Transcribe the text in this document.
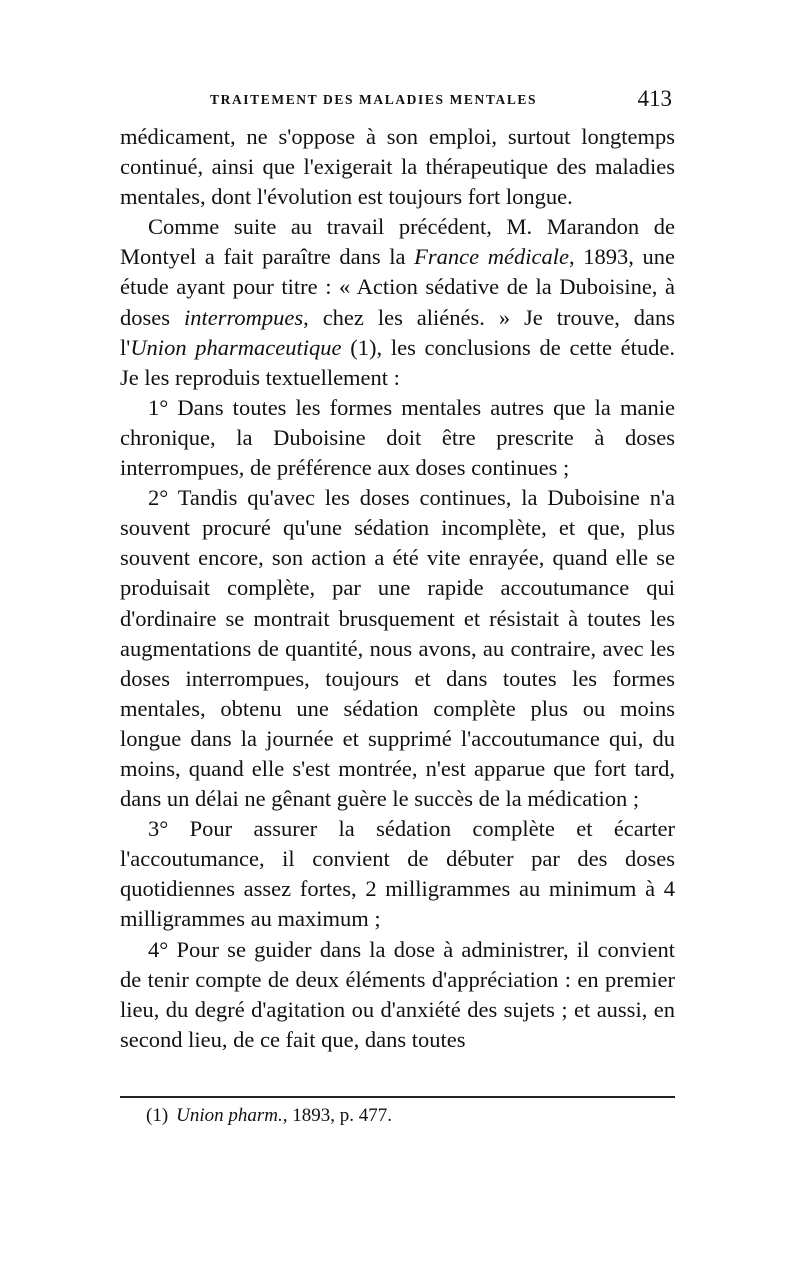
TRAITEMENT DES MALADIES MENTALES	413

médicament, ne s'oppose à son emploi, surtout longtemps continué, ainsi que l'exigerait la thérapeutique des maladies mentales, dont l'évolution est toujours fort longue.

Comme suite au travail précédent, M. Marandon de Montyel a fait paraître dans la France médicale, 1893, une étude ayant pour titre : « Action sédative de la Duboisine, à doses interrompues, chez les aliénés. » Je trouve, dans l'Union pharmaceutique (1), les conclusions de cette étude. Je les reproduis textuellement :

1° Dans toutes les formes mentales autres que la manie chronique, la Duboisine doit être prescrite à doses interrompues, de préférence aux doses continues ;

2° Tandis qu'avec les doses continues, la Duboisine n'a souvent procuré qu'une sédation incomplète, et que, plus souvent encore, son action a été vite enrayée, quand elle se produisait complète, par une rapide accoutumance qui d'ordinaire se montrait brusquement et résistait à toutes les augmentations de quantité, nous avons, au contraire, avec les doses interrompues, toujours et dans toutes les formes mentales, obtenu une sédation complète plus ou moins longue dans la journée et supprimé l'accoutumance qui, du moins, quand elle s'est montrée, n'est apparue que fort tard, dans un délai ne gênant guère le succès de la médication ;

3° Pour assurer la sédation complète et écarter l'accoutumance, il convient de débuter par des doses quotidiennes assez fortes, 2 milligrammes au minimum à 4 milligrammes au maximum ;

4° Pour se guider dans la dose à administrer, il convient de tenir compte de deux éléments d'appréciation : en premier lieu, du degré d'agitation ou d'anxiété des sujets ; et aussi, en second lieu, de ce fait que, dans toutes

(1) Union pharm., 1893, p. 477.
